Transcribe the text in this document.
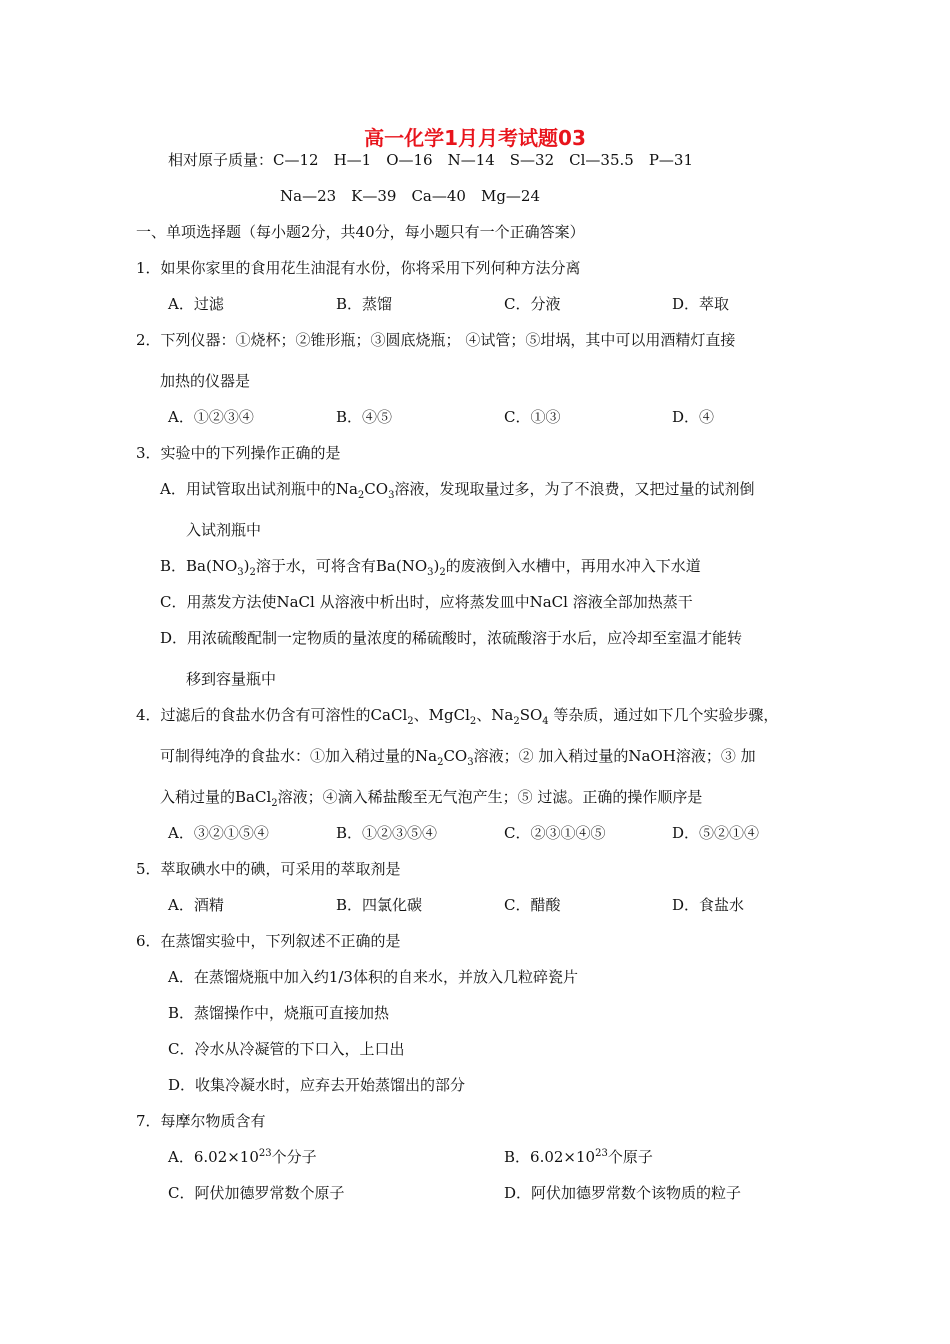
高一化学1月月考试题03
相对原子质量：C—12　H—1　O—16　N—14　S—32　Cl—35.5　P—31
Na—23　K—39　Ca—40　Mg—24
一、单项选择题（每小题2分，共40分，每小题只有一个正确答案）
1．如果你家里的食用花生油混有水份，你将采用下列何种方法分离
A．过滤	B．蒸馏	C．分液	D．萃取
2．下列仪器：①烧杯；②锥形瓶；③圆底烧瓶； ④试管；⑤坩埚，其中可以用酒精灯直接
加热的仪器是
A．①②③④	B．④⑤	C．①③	D．④
3．实验中的下列操作正确的是
A．用试管取出试剂瓶中的$Na_2CO_3$溶液，发现取量过多，为了不浪费，又把过量的试剂倒
入试剂瓶中
B．$Ba(NO_3)_2$溶于水，可将含有$Ba(NO_3)_2$的废液倒入水槽中，再用水冲入下水道
C．用蒸发方法使NaCl 从溶液中析出时，应将蒸发皿中NaCl 溶液全部加热蒸干
D．用浓硫酸配制一定物质的量浓度的稀硫酸时，浓硫酸溶于水后，应冷却至室温才能转
移到容量瓶中
4．过滤后的食盐水仍含有可溶性的CaCl$_2$、MgCl$_2$、$Na_2SO_4$ 等杂质，通过如下几个实验步骤，
可制得纯净的食盐水：①加入稍过量的$Na_2CO_3$溶液；② 加入稍过量的NaOH溶液；③ 加
入稍过量的BaCl$_2$溶液；④滴入稀盐酸至无气泡产生；⑤ 过滤。正确的操作顺序是
A．③②①⑤④	B．①②③⑤④	C．②③①④⑤	D．⑤②①④
5．萃取碘水中的碘，可采用的萃取剂是
A．酒精	B．四氯化碳	C．醋酸	D．食盐水
6．在蒸馏实验中，下列叙述不正确的是
A．在蒸馏烧瓶中加入约1/3体积的自来水，并放入几粒碎瓷片
B．蒸馏操作中，烧瓶可直接加热
C．冷水从冷凝管的下口入，上口出
D．收集冷凝水时，应弃去开始蒸馏出的部分
7．每摩尔物质含有
A．$6.02\times 10^{23}$个分子	B．$6.02\times 10^{23}$个原子
C．阿伏加德罗常数个原子	D．阿伏加德罗常数个该物质的粒子
